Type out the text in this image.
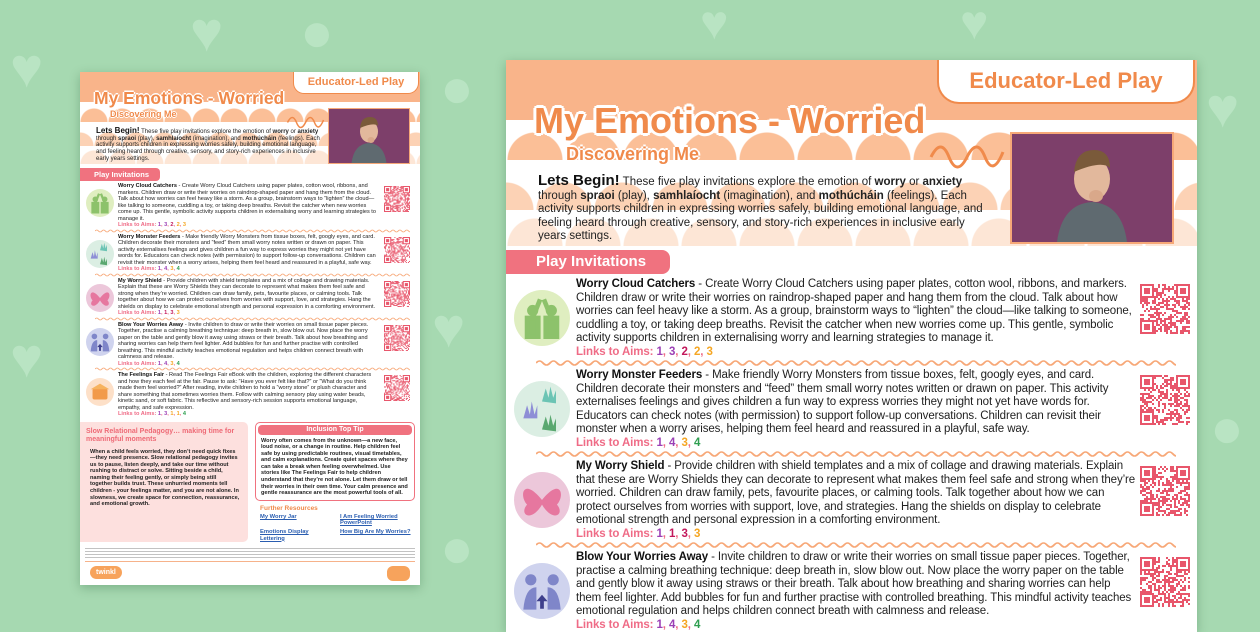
♥
♥ ●
●
♥	♥
●
♥
●
♥	♥
Educator-Led Play
My Emotions - Worried
Discovering Me
Lets Begin! These five play invitations explore the emotion of worry or anxiety through spraoi (play), samhlaíocht (imagination), and mothúcháin (feelings). Each activity supports children in expressing worries safely, building emotional language, and feeling heard through creative, sensory, and story-rich experiences in inclusive early years settings.
Play Invitations
Worry Cloud Catchers - Create Worry Cloud Catchers using paper plates, cotton wool, ribbons, and markers. Children draw or write their worries on raindrop-shaped paper and hang them from the cloud. Talk about how worries can feel heavy like a storm. As a group, brainstorm ways to “lighten” the cloud—like talking to someone, cuddling a toy, or taking deep breaths. Revisit the catcher when new worries come up. This gentle, symbolic activity supports children in externalising worry and learning strategies to manage it.
Links to Aims: 1, 3, 2, 2, 3
Worry Monster Feeders - Make friendly Worry Monsters from tissue boxes, felt, googly eyes, and card. Children decorate their monsters and “feed” them small worry notes written or drawn on paper. This activity externalises feelings and gives children a fun way to express worries they might not yet have words for. Educators can check notes (with permission) to support follow-up conversations. Children can revisit their monster when a worry arises, helping them feel heard and reassured in a playful, safe way.
Links to Aims: 1, 4, 3, 4
My Worry Shield - Provide children with shield templates and a mix of collage and drawing materials. Explain that these are Worry Shields they can decorate to represent what makes them feel safe and strong when they’re worried. Children can draw family, pets, favourite places, or calming tools. Talk together about how we can protect ourselves from worries with support, love, and strategies. Hang the shields on display to celebrate emotional strength and personal expression in a comforting environment.
Links to Aims: 1, 1, 3, 3
Blow Your Worries Away - Invite children to draw or write their worries on small tissue paper pieces. Together, practise a calming breathing technique: deep breath in, slow blow out. Now place the worry paper on the table and gently blow it away using straws or their breath. Talk about how breathing and sharing worries can help them feel lighter. Add bubbles for fun and further practise with controlled breathing. This mindful activity teaches emotional regulation and helps children connect breath with calmness and release.
Links to Aims: 1, 4, 3, 4
The Feelings Fair - Read The Feelings Fair eBook with the children, exploring the different characters and how they each feel at the fair. Pause to ask: “Have you ever felt like that?” or “What do you think made them feel worried?” After reading, invite children to hold a “worry stone” or plush character and share something that sometimes worries them. Follow with calming sensory play using water beads, kinetic sand, or soft fabric. This reflective and sensory-rich session supports emotional language, empathy, and safe expression.
Links to Aims: 1, 3, 1, 1, 4
Slow Relational Pedagogy… making time for meaningful moments

When a child feels worried, they don’t need quick fixes—they need presence. Slow relational pedagogy invites us to pause, listen deeply, and take our time without rushing to distract or solve. Sitting beside a child, naming their feeling gently, or simply being still together builds trust. These unhurried moments tell children - your feelings matter, and you are not alone. In slowness, we create space for connection, reassurance, and emotional growth.

Inclusion Top Tip
Worry often comes from the unknown—a new face, loud noise, or a change in routine. Help children feel safe by using predictable routines, visual timetables, and calm explanations. Create quiet spaces where they can take a break when feeling overwhelmed. Use stories like The Feelings Fair to help children understand that they’re not alone. Let them draw or tell their worries in their own time. Your calm presence and gentle reassurance are the most powerful tools of all.
Further Resources
My Worry Jar	I Am Feeling Worried PowerPoint
Emotions Display Lettering
How Big Are My Worries?
twinkl
Educator-Led Play
My Emotions - Worried
Discovering Me
Lets Begin! These five play invitations explore the emotion of worry or anxiety through spraoi (play), samhlaíocht (imagination), and mothúcháin (feelings). Each activity supports children in expressing worries safely, building emotional language, and feeling heard through creative, sensory, and story-rich experiences in inclusive early years settings.
Play Invitations
Worry Cloud Catchers - Create Worry Cloud Catchers using paper plates, cotton wool, ribbons, and markers. Children draw or write their worries on raindrop-shaped paper and hang them from the cloud. Talk about how worries can feel heavy like a storm. As a group, brainstorm ways to “lighten” the cloud—like talking to someone, cuddling a toy, or taking deep breaths. Revisit the catcher when new worries come up. This gentle, symbolic activity supports children in externalising worry and learning strategies to manage it.
Links to Aims: 1, 3, 2, 2, 3
Worry Monster Feeders - Make friendly Worry Monsters from tissue boxes, felt, googly eyes, and card. Children decorate their monsters and “feed” them small worry notes written or drawn on paper. This activity externalises feelings and gives children a fun way to express worries they might not yet have words for. Educators can check notes (with permission) to support follow-up conversations. Children can revisit their monster when a worry arises, helping them feel heard and reassured in a playful, safe way.
Links to Aims: 1, 4, 3, 4
My Worry Shield - Provide children with shield templates and a mix of collage and drawing materials. Explain that these are Worry Shields they can decorate to represent what makes them feel safe and strong when they’re worried. Children can draw family, pets, favourite places, or calming tools. Talk together about how we can protect ourselves from worries with support, love, and strategies. Hang the shields on display to celebrate emotional strength and personal expression in a comforting environment.
Links to Aims: 1, 1, 3, 3
Blow Your Worries Away - Invite children to draw or write their worries on small tissue paper pieces. Together, practise a calming breathing technique: deep breath in, slow blow out. Now place the worry paper on the table and gently blow it away using straws or their breath. Talk about how breathing and sharing worries can help them feel lighter. Add bubbles for fun and further practise with controlled breathing. This mindful activity teaches emotional regulation and helps children connect breath with calmness and release.
Links to Aims: 1, 4, 3, 4
